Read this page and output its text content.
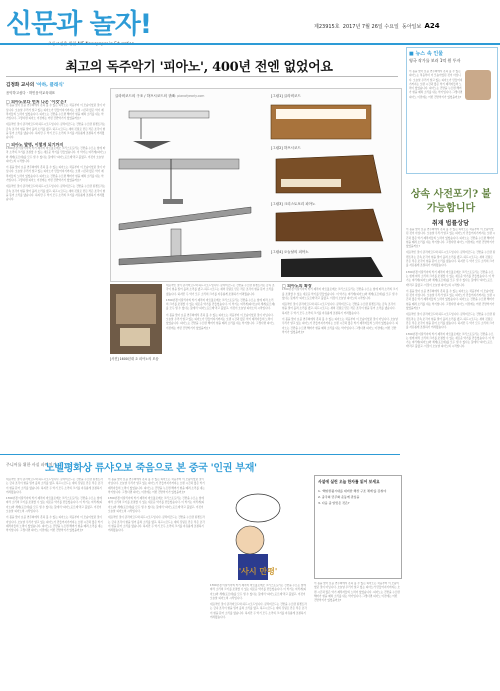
신문과 놀자!	제23915호 2017년 7월 26일 수요일 동아일보 A24
최고의 독주악기 '피아노', 400년 전엔 없었어요
김정화 교사의 '아하, 클래식'
음악하고싶다 · 허민음악교육대표
□ 피아노보다 먼저 나온 '이것'은?

이 봄을 맞아 요즘 연주회에서 흔히 볼 수 있는 피아노는 처음부터 이 모습이었던 것이 아닙니다. 오늘날 우리가 알고 있는 피아노가 만들어지기까지는 오랜 시간과 많은 악기 제작자들의 노력이 있었습니다. 피아노는 건반을 누르면 해머가 현을 때려 소리를 내는 악기입니다. 그렇다면 피아노 이전에는 어떤 건반악기가 있었을까요?

대표적인 것이 클라비코드와 하프시코드입니다. 클라비코드는 건반을 누르면 탄젠트라는 금속 조각이 현을 밀어 올려 소리를 냈고, 하프시코드는 새의 깃털로 만든 작은 조각이 현을 뜯어 소리를 냈습니다. 하지만 두 악기 모두 소리의 크기를 자유롭게 조절하기 어려웠습니다.

□ 피아노 발명, 이렇게 되기까지

1700년경 이탈리아의 악기 제작자 바르톨로메오 크리스토포리는 건반을 누르는 힘에 따라 소리의 크기를 조절할 수 있는 새로운 악기를 만들었습니다. 이 악기는 여리게(피아노)와 세게(포르테)를 모두 낼 수 있다는 뜻에서 '피아노포르테'라고 불렸고, 이것이 오늘날 피아노의 시작입니다.

이 봄을 맞아 요즘 연주회에서 흔히 볼 수 있는 피아노는 처음부터 이 모습이었던 것이 아닙니다. 오늘날 우리가 알고 있는 피아노가 만들어지기까지는 오랜 시간과 많은 악기 제작자들의 노력이 있었습니다. 피아노는 건반을 누르면 해머가 현을 때려 소리를 내는 악기입니다. 그렇다면 피아노 이전에는 어떤 건반악기가 있었을까요?

대표적인 것이 클라비코드와 하프시코드입니다. 클라비코드는 건반을 누르면 탄젠트라는 금속 조각이 현을 밀어 올려 소리를 냈고, 하프시코드는 새의 깃털로 만든 작은 조각이 현을 뜯어 소리를 냈습니다. 하지만 두 악기 모두 소리의 크기를 자유롭게 조절하기 어려웠습니다.

클라비코드의 구조 / 하프시코드의 구조
출처: pianofyearly.com	[그림1] 클라비코드
[그림2] 하프시코드
[그림3] 크리스토포리 피아노
[그림4] 오늘날의 피아노
[사진] 1600년대 초 피아노의 모습

대표적인 것이 클라비코드와 하프시코드입니다. 클라비코드는 건반을 누르면 탄젠트라는 금속 조각이 현을 밀어 올려 소리를 냈고, 하프시코드는 새의 깃털로 만든 작은 조각이 현을 뜯어 소리를 냈습니다. 하지만 두 악기 모두 소리의 크기를 자유롭게 조절하기 어려웠습니다.

1700년경 이탈리아의 악기 제작자 바르톨로메오 크리스토포리는 건반을 누르는 힘에 따라 소리의 크기를 조절할 수 있는 새로운 악기를 만들었습니다. 이 악기는 여리게(피아노)와 세게(포르테)를 모두 낼 수 있다는 뜻에서 '피아노포르테'라고 불렸고, 이것이 오늘날 피아노의 시작입니다.

이 봄을 맞아 요즘 연주회에서 흔히 볼 수 있는 피아노는 처음부터 이 모습이었던 것이 아닙니다. 오늘날 우리가 알고 있는 피아노가 만들어지기까지는 오랜 시간과 많은 악기 제작자들의 노력이 있었습니다. 피아노는 건반을 누르면 해머가 현을 때려 소리를 내는 악기입니다. 그렇다면 피아노 이전에는 어떤 건반악기가 있었을까요?

□ 피아노의 확장

1700년경 이탈리아의 악기 제작자 바르톨로메오 크리스토포리는 건반을 누르는 힘에 따라 소리의 크기를 조절할 수 있는 새로운 악기를 만들었습니다. 이 악기는 여리게(피아노)와 세게(포르테)를 모두 낼 수 있다는 뜻에서 '피아노포르테'라고 불렸고, 이것이 오늘날 피아노의 시작입니다.

대표적인 것이 클라비코드와 하프시코드입니다. 클라비코드는 건반을 누르면 탄젠트라는 금속 조각이 현을 밀어 올려 소리를 냈고, 하프시코드는 새의 깃털로 만든 작은 조각이 현을 뜯어 소리를 냈습니다. 하지만 두 악기 모두 소리의 크기를 자유롭게 조절하기 어려웠습니다.

이 봄을 맞아 요즘 연주회에서 흔히 볼 수 있는 피아노는 처음부터 이 모습이었던 것이 아닙니다. 오늘날 우리가 알고 있는 피아노가 만들어지기까지는 오랜 시간과 많은 악기 제작자들의 노력이 있었습니다. 피아노는 건반을 누르면 해머가 현을 때려 소리를 내는 악기입니다. 그렇다면 피아노 이전에는 어떤 건반악기가 있었을까요?

■ 뉴스 속 인물
영국 작가를 보러 1억 원 투자

이 봄을 맞아 요즘 연주회에서 흔히 볼 수 있는 피아노는 처음부터 이 모습이었던 것이 아닙니다. 오늘날 우리가 알고 있는 피아노가 만들어지기까지는 오랜 시간과 많은 악기 제작자들의 노력이 있었습니다. 피아노는 건반을 누르면 해머가 현을 때려 소리를 내는 악기입니다. 그렇다면 피아노 이전에는 어떤 건반악기가 있었을까요?

상속 사전포기? 불가능합니다
취재 법률상담

이 봄을 맞아 요즘 연주회에서 흔히 볼 수 있는 피아노는 처음부터 이 모습이었던 것이 아닙니다. 오늘날 우리가 알고 있는 피아노가 만들어지기까지는 오랜 시간과 많은 악기 제작자들의 노력이 있었습니다. 피아노는 건반을 누르면 해머가 현을 때려 소리를 내는 악기입니다. 그렇다면 피아노 이전에는 어떤 건반악기가 있었을까요?

대표적인 것이 클라비코드와 하프시코드입니다. 클라비코드는 건반을 누르면 탄젠트라는 금속 조각이 현을 밀어 올려 소리를 냈고, 하프시코드는 새의 깃털로 만든 작은 조각이 현을 뜯어 소리를 냈습니다. 하지만 두 악기 모두 소리의 크기를 자유롭게 조절하기 어려웠습니다.

1700년경 이탈리아의 악기 제작자 바르톨로메오 크리스토포리는 건반을 누르는 힘에 따라 소리의 크기를 조절할 수 있는 새로운 악기를 만들었습니다. 이 악기는 여리게(피아노)와 세게(포르테)를 모두 낼 수 있다는 뜻에서 '피아노포르테'라고 불렸고, 이것이 오늘날 피아노의 시작입니다.

이 봄을 맞아 요즘 연주회에서 흔히 볼 수 있는 피아노는 처음부터 이 모습이었던 것이 아닙니다. 오늘날 우리가 알고 있는 피아노가 만들어지기까지는 오랜 시간과 많은 악기 제작자들의 노력이 있었습니다. 피아노는 건반을 누르면 해머가 현을 때려 소리를 내는 악기입니다. 그렇다면 피아노 이전에는 어떤 건반악기가 있었을까요?

대표적인 것이 클라비코드와 하프시코드입니다. 클라비코드는 건반을 누르면 탄젠트라는 금속 조각이 현을 밀어 올려 소리를 냈고, 하프시코드는 새의 깃털로 만든 작은 조각이 현을 뜯어 소리를 냈습니다. 하지만 두 악기 모두 소리의 크기를 자유롭게 조절하기 어려웠습니다.

1700년경 이탈리아의 악기 제작자 바르톨로메오 크리스토포리는 건반을 누르는 힘에 따라 소리의 크기를 조절할 수 있는 새로운 악기를 만들었습니다. 이 악기는 여리게(피아노)와 세게(포르테)를 모두 낼 수 있다는 뜻에서 '피아노포르테'라고 불렸고, 이것이 오늘날 피아노의 시작입니다.

주니어를 위한 사실 파헤치기
노벨평화상 류샤오보 죽음으로 본 중국 '인권 부재'

대표적인 것이 클라비코드와 하프시코드입니다. 클라비코드는 건반을 누르면 탄젠트라는 금속 조각이 현을 밀어 올려 소리를 냈고, 하프시코드는 새의 깃털로 만든 작은 조각이 현을 뜯어 소리를 냈습니다. 하지만 두 악기 모두 소리의 크기를 자유롭게 조절하기 어려웠습니다.

1700년경 이탈리아의 악기 제작자 바르톨로메오 크리스토포리는 건반을 누르는 힘에 따라 소리의 크기를 조절할 수 있는 새로운 악기를 만들었습니다. 이 악기는 여리게(피아노)와 세게(포르테)를 모두 낼 수 있다는 뜻에서 '피아노포르테'라고 불렸고, 이것이 오늘날 피아노의 시작입니다.

이 봄을 맞아 요즘 연주회에서 흔히 볼 수 있는 피아노는 처음부터 이 모습이었던 것이 아닙니다. 오늘날 우리가 알고 있는 피아노가 만들어지기까지는 오랜 시간과 많은 악기 제작자들의 노력이 있었습니다. 피아노는 건반을 누르면 해머가 현을 때려 소리를 내는 악기입니다. 그렇다면 피아노 이전에는 어떤 건반악기가 있었을까요?

이 봄을 맞아 요즘 연주회에서 흔히 볼 수 있는 피아노는 처음부터 이 모습이었던 것이 아닙니다. 오늘날 우리가 알고 있는 피아노가 만들어지기까지는 오랜 시간과 많은 악기 제작자들의 노력이 있었습니다. 피아노는 건반을 누르면 해머가 현을 때려 소리를 내는 악기입니다. 그렇다면 피아노 이전에는 어떤 건반악기가 있었을까요?

1700년경 이탈리아의 악기 제작자 바르톨로메오 크리스토포리는 건반을 누르는 힘에 따라 소리의 크기를 조절할 수 있는 새로운 악기를 만들었습니다. 이 악기는 여리게(피아노)와 세게(포르테)를 모두 낼 수 있다는 뜻에서 '피아노포르테'라고 불렸고, 이것이 오늘날 피아노의 시작입니다.

대표적인 것이 클라비코드와 하프시코드입니다. 클라비코드는 건반을 누르면 탄젠트라는 금속 조각이 현을 밀어 올려 소리를 냈고, 하프시코드는 새의 깃털로 만든 작은 조각이 현을 뜯어 소리를 냈습니다. 하지만 두 악기 모두 소리의 크기를 자유롭게 조절하기 어려웠습니다.

'사시 만평'

1700년경 이탈리아의 악기 제작자 바르톨로메오 크리스토포리는 건반을 누르는 힘에 따라 소리의 크기를 조절할 수 있는 새로운 악기를 만들었습니다. 이 악기는 여리게(피아노)와 세게(포르테)를 모두 낼 수 있다는 뜻에서 '피아노포르테'라고 불렸고, 이것이 오늘날 피아노의 시작입니다.

대표적인 것이 클라비코드와 하프시코드입니다. 클라비코드는 건반을 누르면 탄젠트라는 금속 조각이 현을 밀어 올려 소리를 냈고, 하프시코드는 새의 깃털로 만든 작은 조각이 현을 뜯어 소리를 냈습니다. 하지만 두 악기 모두 소리의 크기를 자유롭게 조절하기 어려웠습니다.

사설에 실린 오늘 한자를 읽어 보세요
1. '해양관광시대를 대비한 해상 구조 체계'를 갖춰야
2. 중국의 민주화 운동에 관심을
3. 다음 중 알맞은 것은?

이 봄을 맞아 요즘 연주회에서 흔히 볼 수 있는 피아노는 처음부터 이 모습이었던 것이 아닙니다. 오늘날 우리가 알고 있는 피아노가 만들어지기까지는 오랜 시간과 많은 악기 제작자들의 노력이 있었습니다. 피아노는 건반을 누르면 해머가 현을 때려 소리를 내는 악기입니다. 그렇다면 피아노 이전에는 어떤 건반악기가 있었을까요?
